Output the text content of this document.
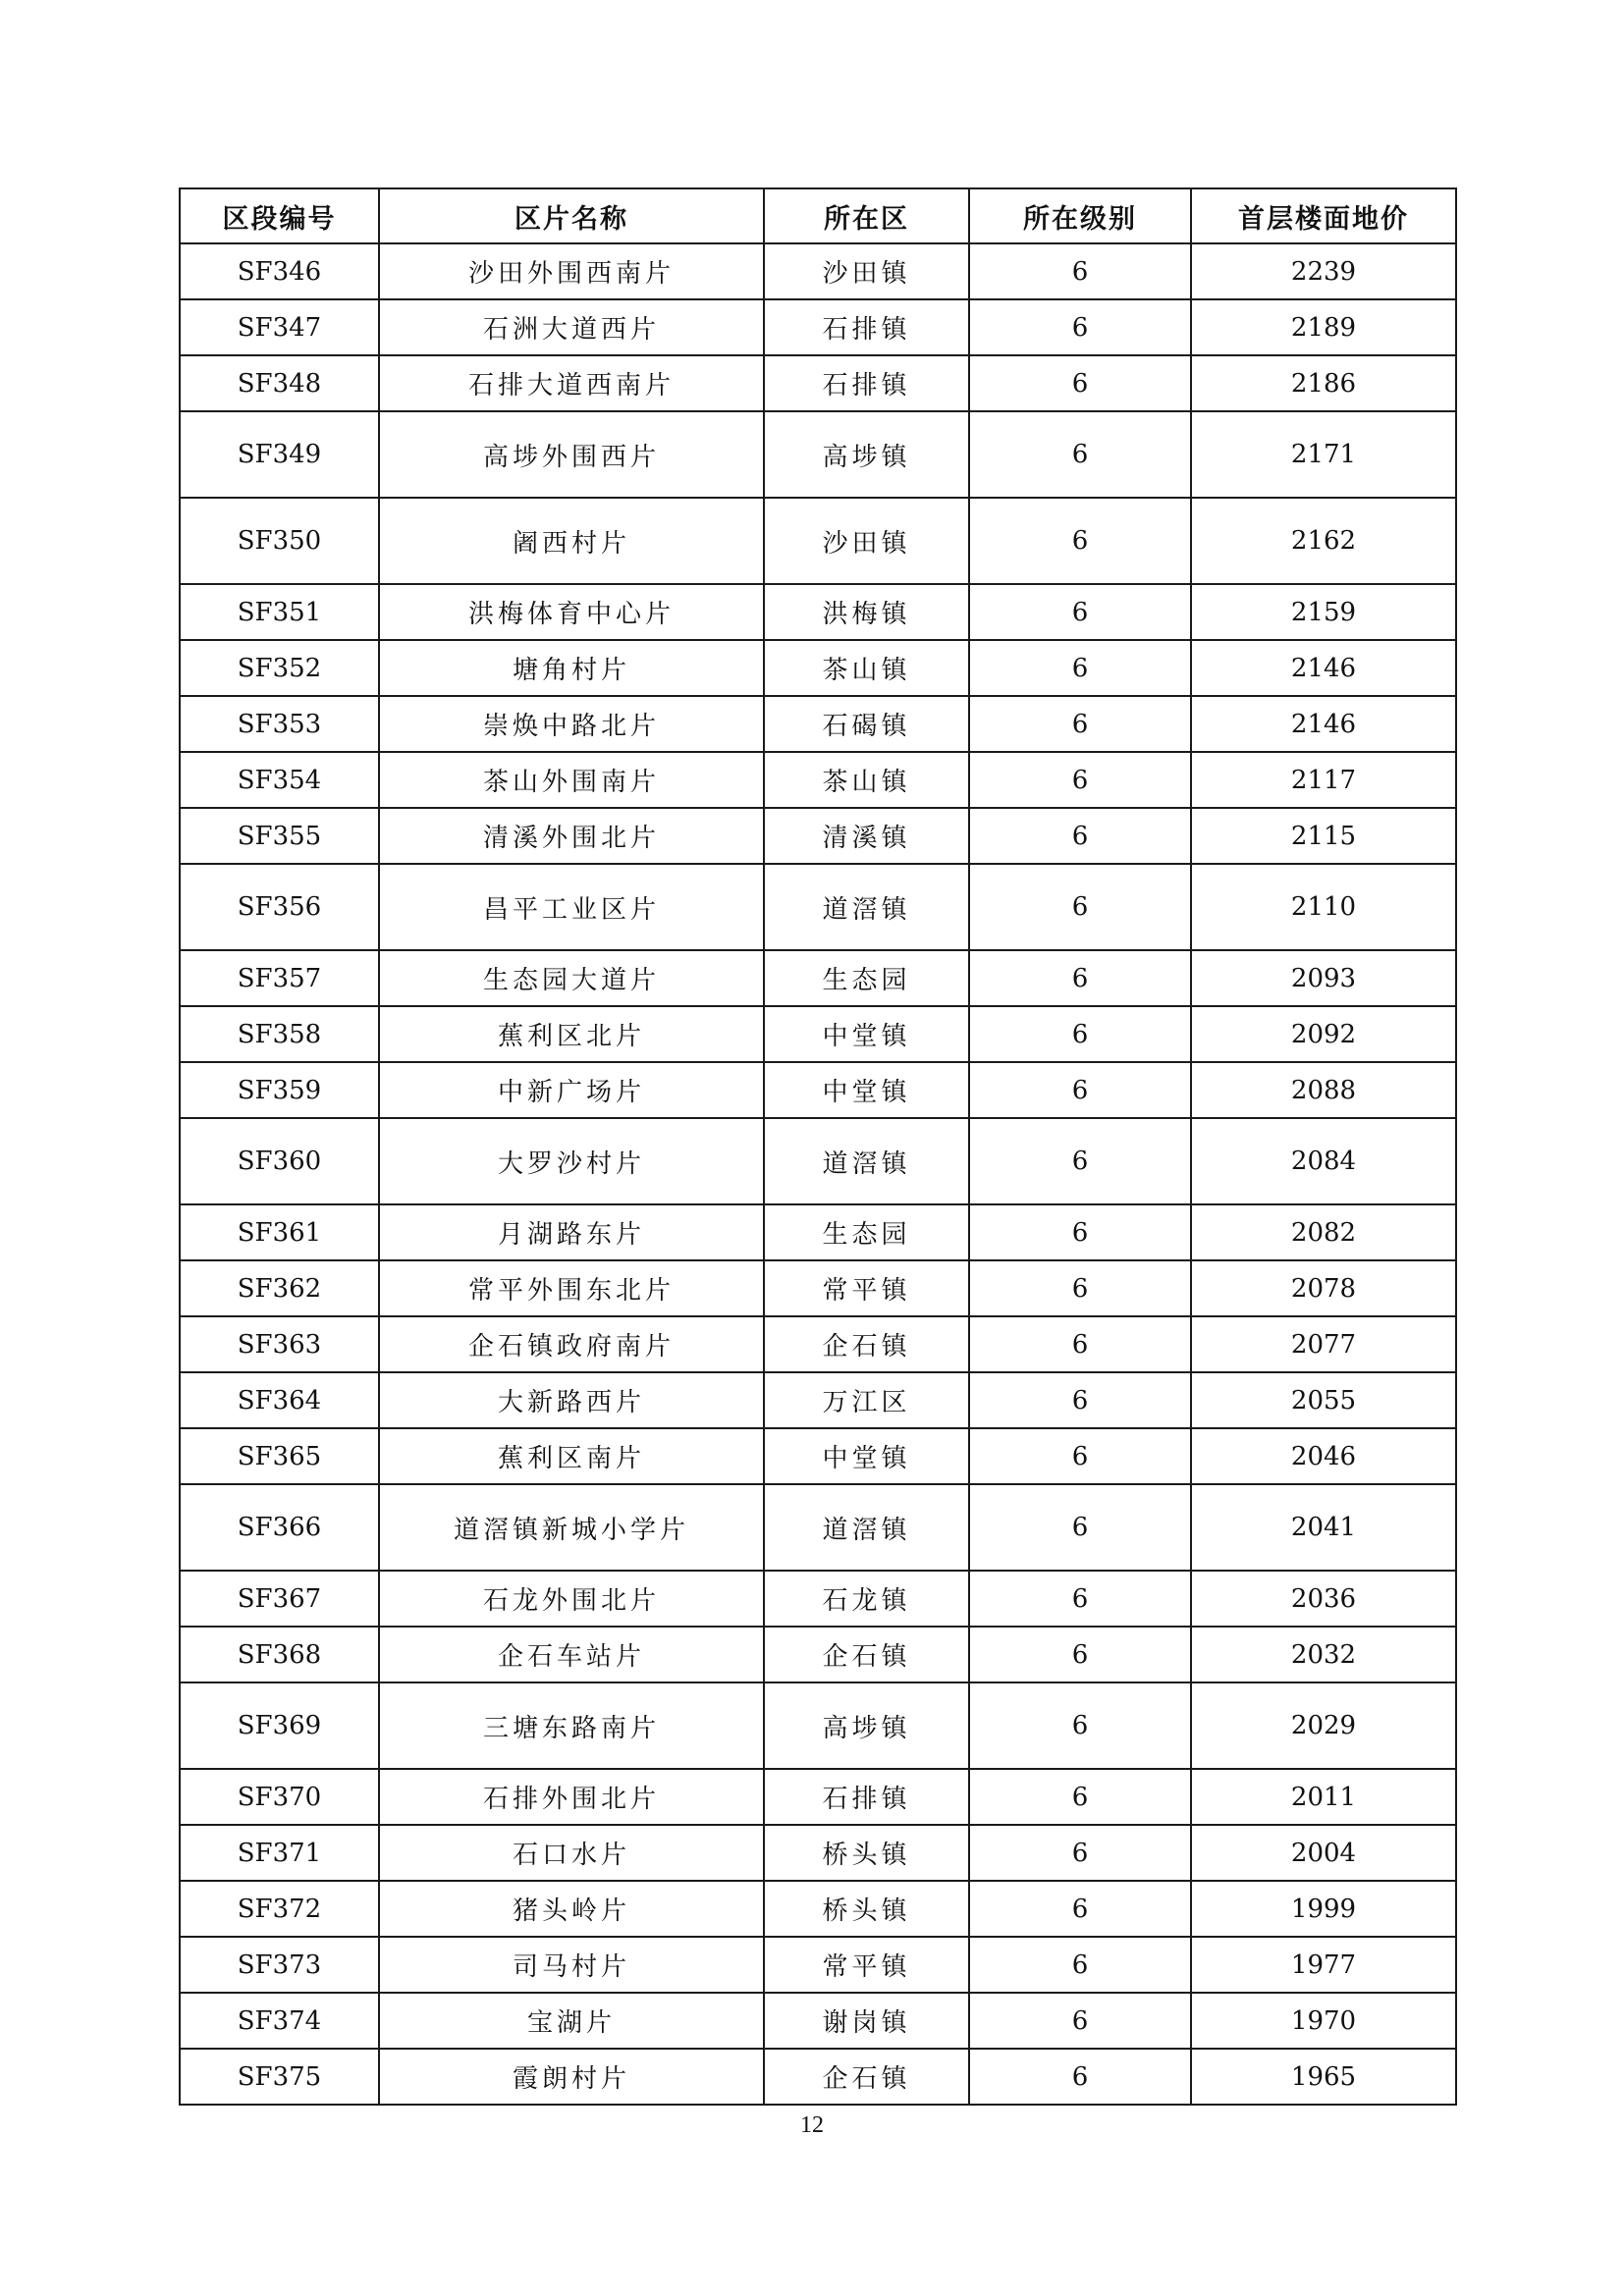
区段编号	区片名称	所在区	所在级别	首层楼面地价
SF346	沙田外围西南片	沙田镇	6	2239
SF347	石洲大道西片	石排镇	6	2189
SF348	石排大道西南片	石排镇	6	2186
SF349	高埗外围西片	高埗镇	6	2171
SF350	阇西村片	沙田镇	6	2162
SF351	洪梅体育中心片	洪梅镇	6	2159
SF352	塘角村片	茶山镇	6	2146
SF353	崇焕中路北片	石碣镇	6	2146
SF354	茶山外围南片	茶山镇	6	2117
SF355	清溪外围北片	清溪镇	6	2115
SF356	昌平工业区片	道滘镇	6	2110
SF357	生态园大道片	生态园	6	2093
SF358	蕉利区北片	中堂镇	6	2092
SF359	中新广场片	中堂镇	6	2088
SF360	大罗沙村片	道滘镇	6	2084
SF361	月湖路东片	生态园	6	2082
SF362	常平外围东北片	常平镇	6	2078
SF363	企石镇政府南片	企石镇	6	2077
SF364	大新路西片	万江区	6	2055
SF365	蕉利区南片	中堂镇	6	2046
SF366	道滘镇新城小学片	道滘镇	6	2041
SF367	石龙外围北片	石龙镇	6	2036
SF368	企石车站片	企石镇	6	2032
SF369	三塘东路南片	高埗镇	6	2029
SF370	石排外围北片	石排镇	6	2011
SF371	石口水片	桥头镇	6	2004
SF372	猪头岭片	桥头镇	6	1999
SF373	司马村片	常平镇	6	1977
SF374	宝湖片	谢岗镇	6	1970
SF375	霞朗村片	企石镇	6	1965
12
